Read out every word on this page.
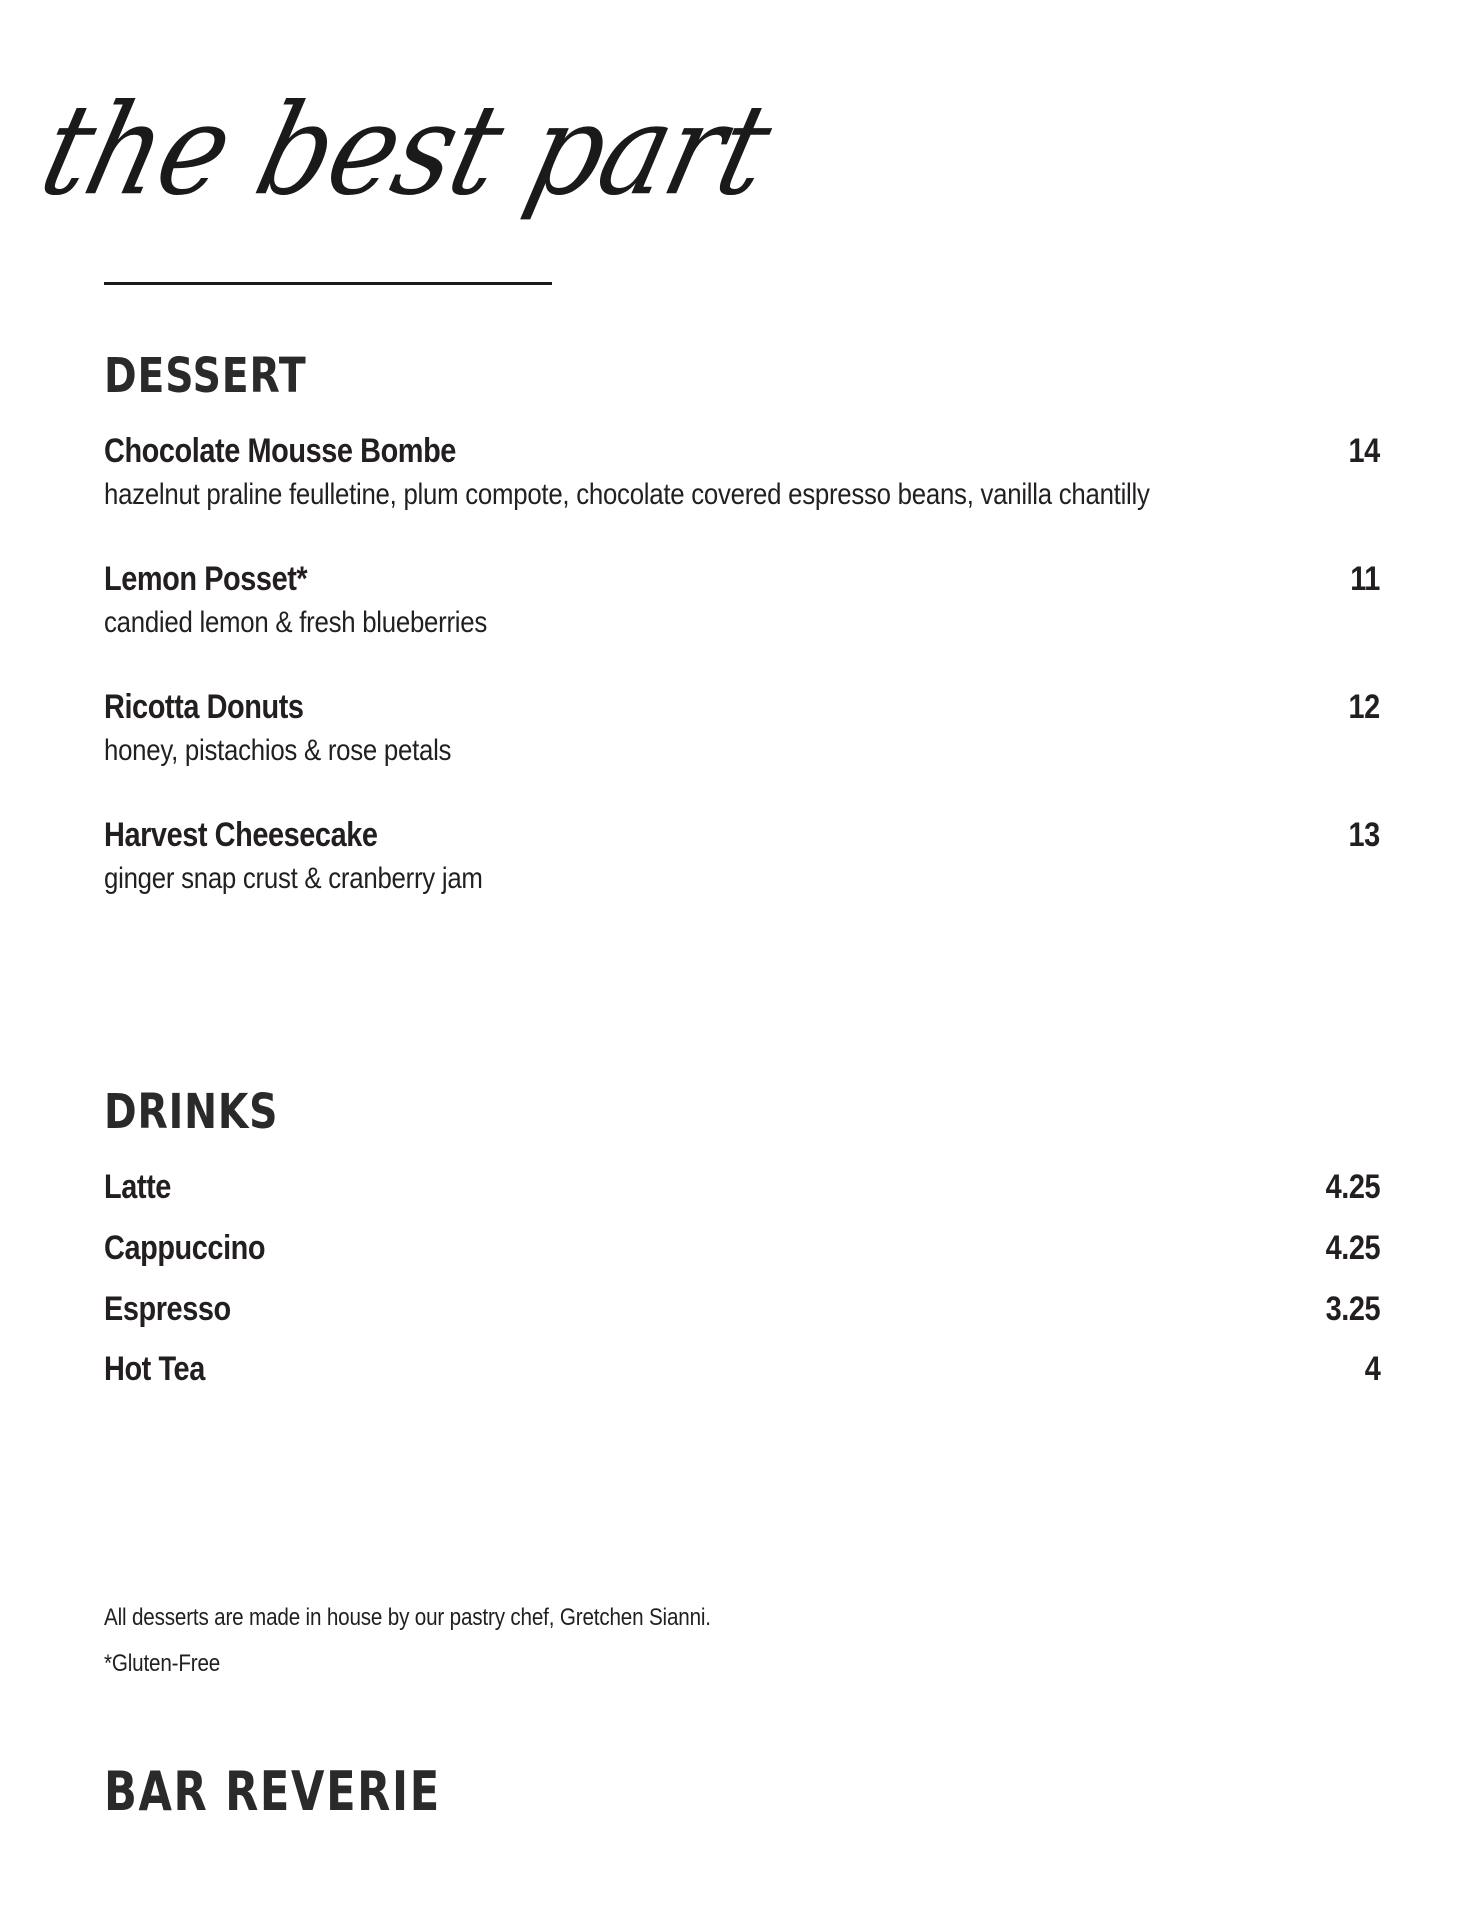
the best part
DESSERT
Chocolate Mousse Bombe	14
hazelnut praline feulletine, plum compote, chocolate covered espresso beans, vanilla chantilly
Lemon Posset*	11
candied lemon & fresh blueberries
Ricotta Donuts	12
honey, pistachios & rose petals
Harvest Cheesecake	13
ginger snap crust & cranberry jam
DRINKS
Latte	4.25
Cappuccino	4.25
Espresso	3.25
Hot Tea	4
All desserts are made in house by our pastry chef, Gretchen Sianni.
*Gluten-Free
BAR REVERIE
